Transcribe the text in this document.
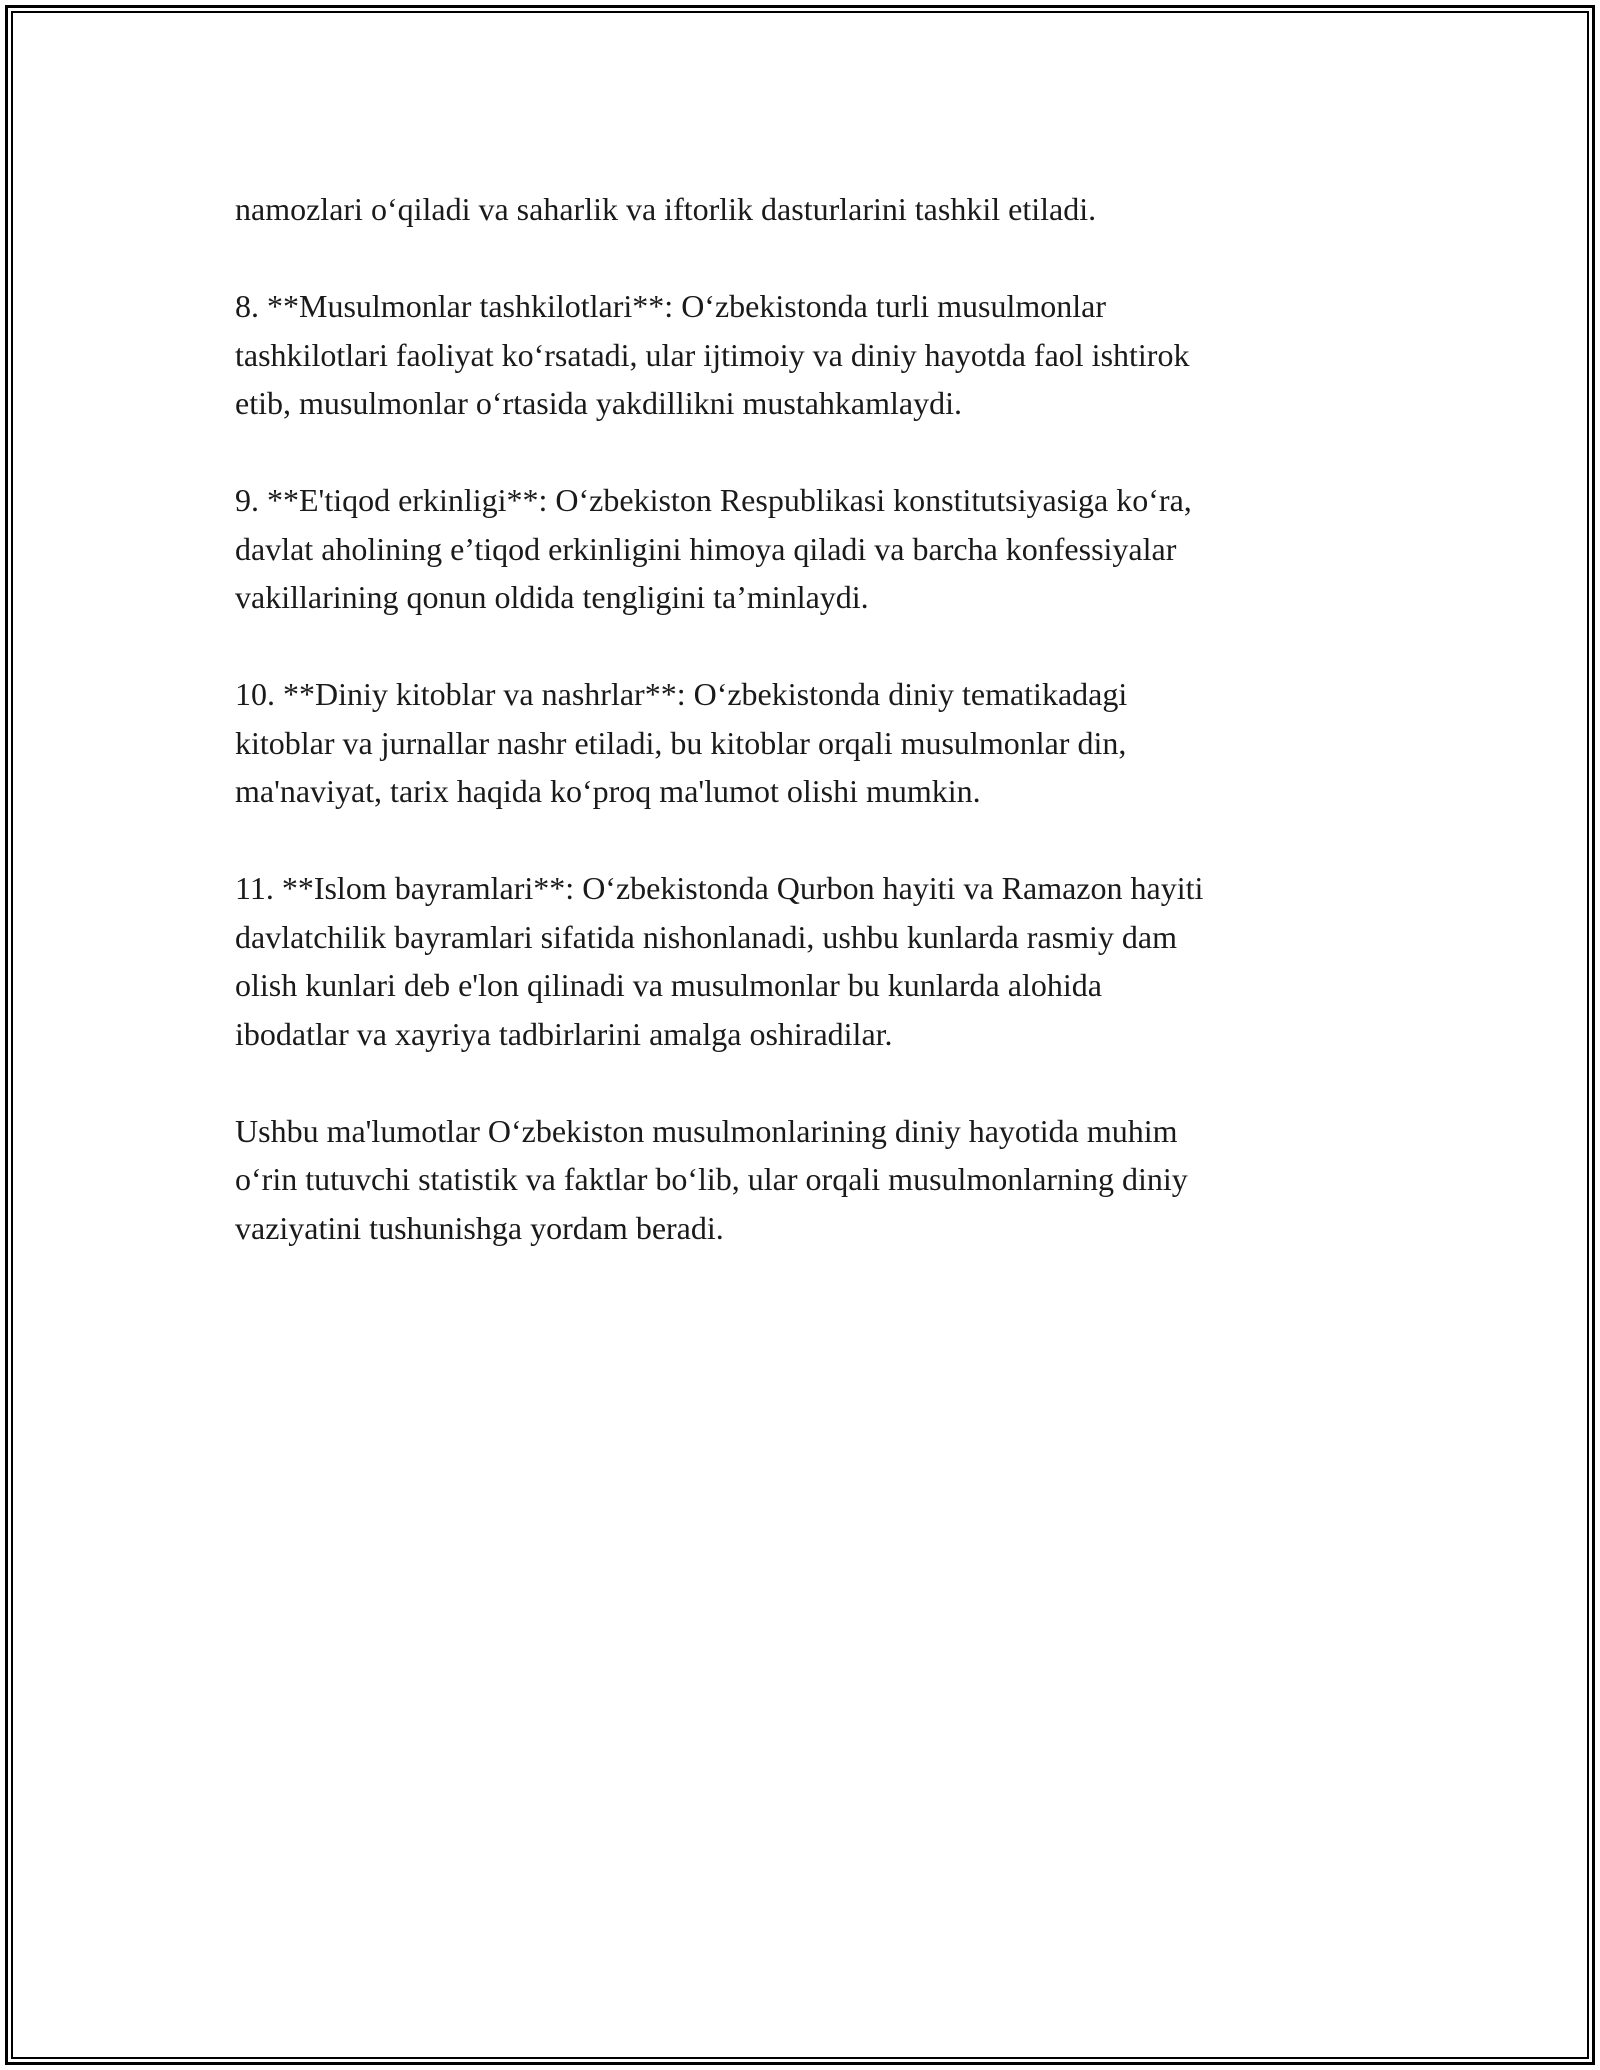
namozlari o‘qiladi va saharlik va iftorlik dasturlarini tashkil etiladi.

8. **Musulmonlar tashkilotlari**: O‘zbekistonda turli musulmonlar
tashkilotlari faoliyat ko‘rsatadi, ular ijtimoiy va diniy hayotda faol ishtirok
etib, musulmonlar o‘rtasida yakdillikni mustahkamlaydi.

9. **E'tiqod erkinligi**: O‘zbekiston Respublikasi konstitutsiyasiga ko‘ra,
davlat aholining e’tiqod erkinligini himoya qiladi va barcha konfessiyalar
vakillarining qonun oldida tengligini ta’minlaydi.

10. **Diniy kitoblar va nashrlar**: O‘zbekistonda diniy tematikadagi
kitoblar va jurnallar nashr etiladi, bu kitoblar orqali musulmonlar din,
ma'naviyat, tarix haqida ko‘proq ma'lumot olishi mumkin.

11. **Islom bayramlari**: O‘zbekistonda Qurbon hayiti va Ramazon hayiti
davlatchilik bayramlari sifatida nishonlanadi, ushbu kunlarda rasmiy dam
olish kunlari deb e'lon qilinadi va musulmonlar bu kunlarda alohida
ibodatlar va xayriya tadbirlarini amalga oshiradilar.

Ushbu ma'lumotlar O‘zbekiston musulmonlarining diniy hayotida muhim
o‘rin tutuvchi statistik va faktlar bo‘lib, ular orqali musulmonlarning diniy
vaziyatini tushunishga yordam beradi.
